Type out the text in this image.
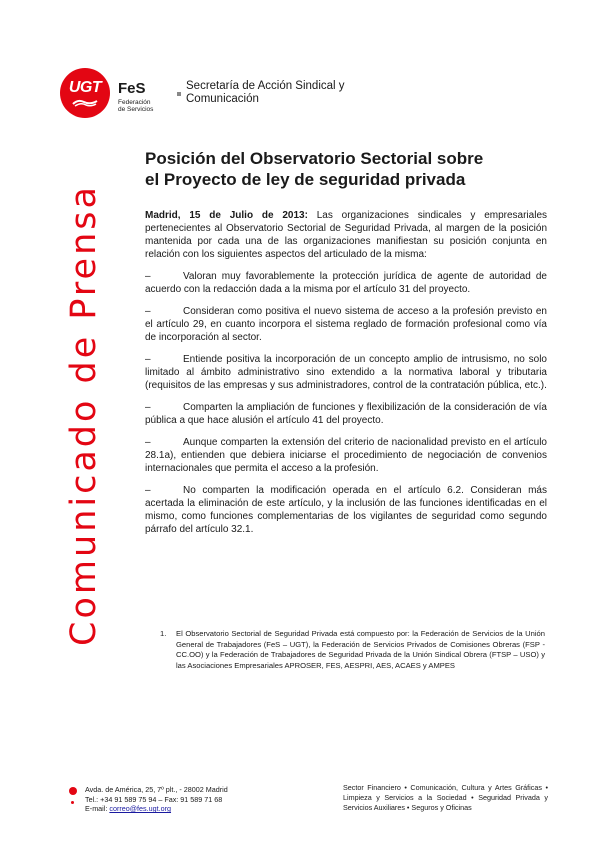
UGT FeS
Federación
de Servicios
Secretaría de Acción Sindical y
Comunicación
Comunicado de Prensa
Posición del Observatorio Sectorial sobre
el Proyecto de ley de seguridad privada

Madrid, 15 de Julio de 2013: Las organizaciones sindicales y empresariales pertenecientes al Observatorio Sectorial de Seguridad Privada, al margen de la posición mantenida por cada una de las organizaciones manifiestan su posición conjunta en relación con los siguientes aspectos del articulado de la misma:

–	Valoran muy favorablemente la protección jurídica de agente de autoridad de acuerdo con la redacción dada a la misma por el artículo 31 del proyecto.

–	Consideran como positiva el nuevo sistema de acceso a la profesión previsto en el artículo 29, en cuanto incorpora el sistema reglado de formación profesional como vía de incorporación al sector.

–	Entiende positiva la incorporación de un concepto amplio de intrusismo, no solo limitado al ámbito administrativo sino extendido a la normativa laboral y tributaria (requisitos de las empresas y sus administradores, control de la contratación pública, etc.).

–	Comparten la ampliación de funciones y flexibilización de la consideración de vía pública a que hace alusión el artículo 41 del proyecto.

–	Aunque comparten la extensión del criterio de nacionalidad previsto en el artículo 28.1a), entienden que debiera iniciarse el procedimiento de negociación de convenios internacionales que permita el acceso a la profesión.

–	No comparten la modificación operada en el artículo 6.2. Consideran más acertada la eliminación de este artículo, y la inclusión de las funciones identificadas en el mismo, como funciones complementarias de los vigilantes de seguridad como segundo párrafo del artículo 32.1.

1.	El Observatorio Sectorial de Seguridad Privada está compuesto por: la Federación de Servicios de la Unión General de Trabajadores (FeS – UGT), la Federación de Servicios Privados de Comisiones Obreras (FSP - CC.OO) y la Federación de Trabajadores de Seguridad Privada de la Unión Sindical Obrera (FTSP – USO) y las Asociaciones Empresariales APROSER, FES, AESPRI, AES, ACAES y AMPES
Avda. de América, 25, 7º plt., - 28002 Madrid
Tel.: +34 91 589 75 94 – Fax: 91 589 71 68
E-mail: correo@fes.ugt.org
Sector Financiero • Comunicación, Cultura y Artes Gráficas • Limpieza y Servicios a la Sociedad • Seguridad Privada y Servicios Auxiliares • Seguros y Oficinas
